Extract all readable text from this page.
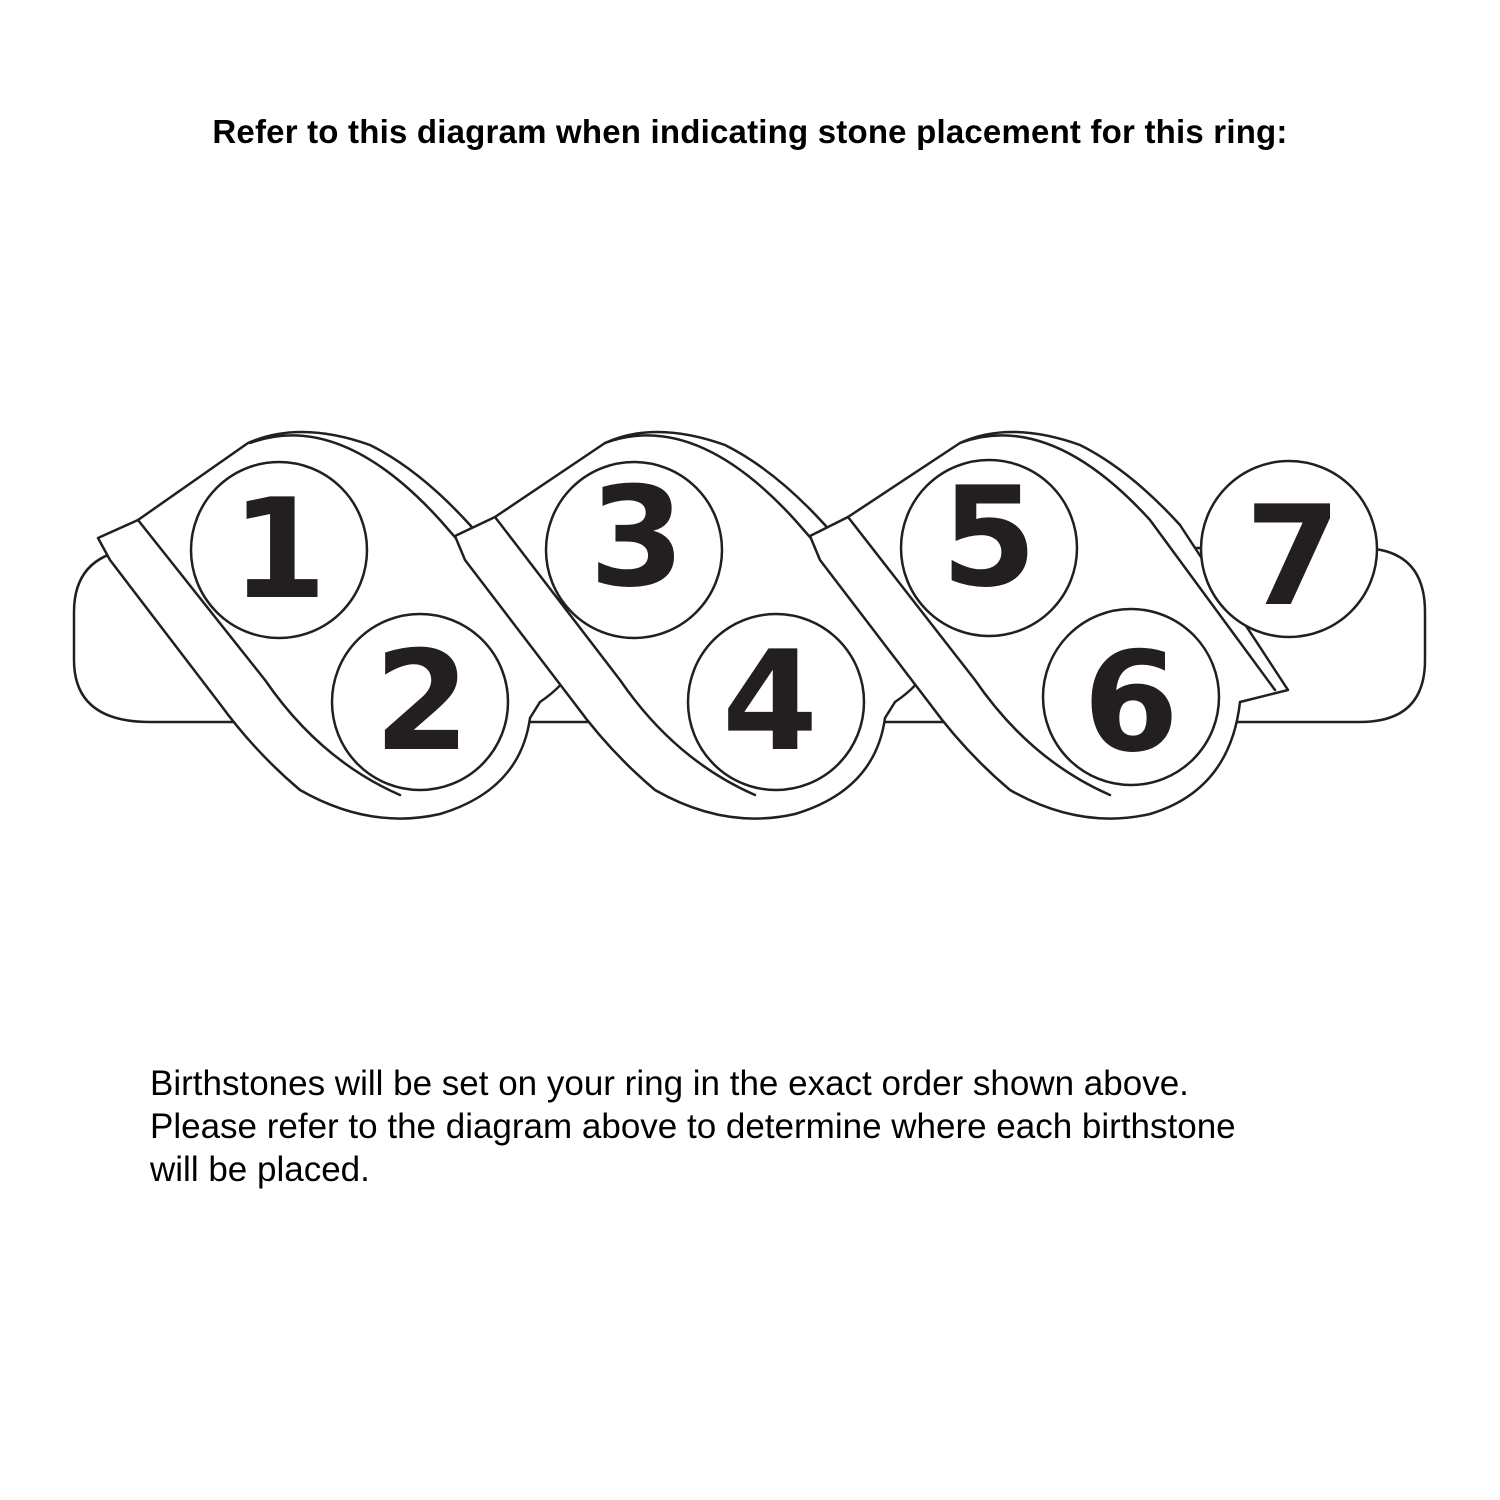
Refer to this diagram when indicating stone placement for this ring:
1
2
3
4
5
6
7
Birthstones will be set on your ring in the exact order shown above.
Please refer to the diagram above to determine where each birthstone
will be placed.
